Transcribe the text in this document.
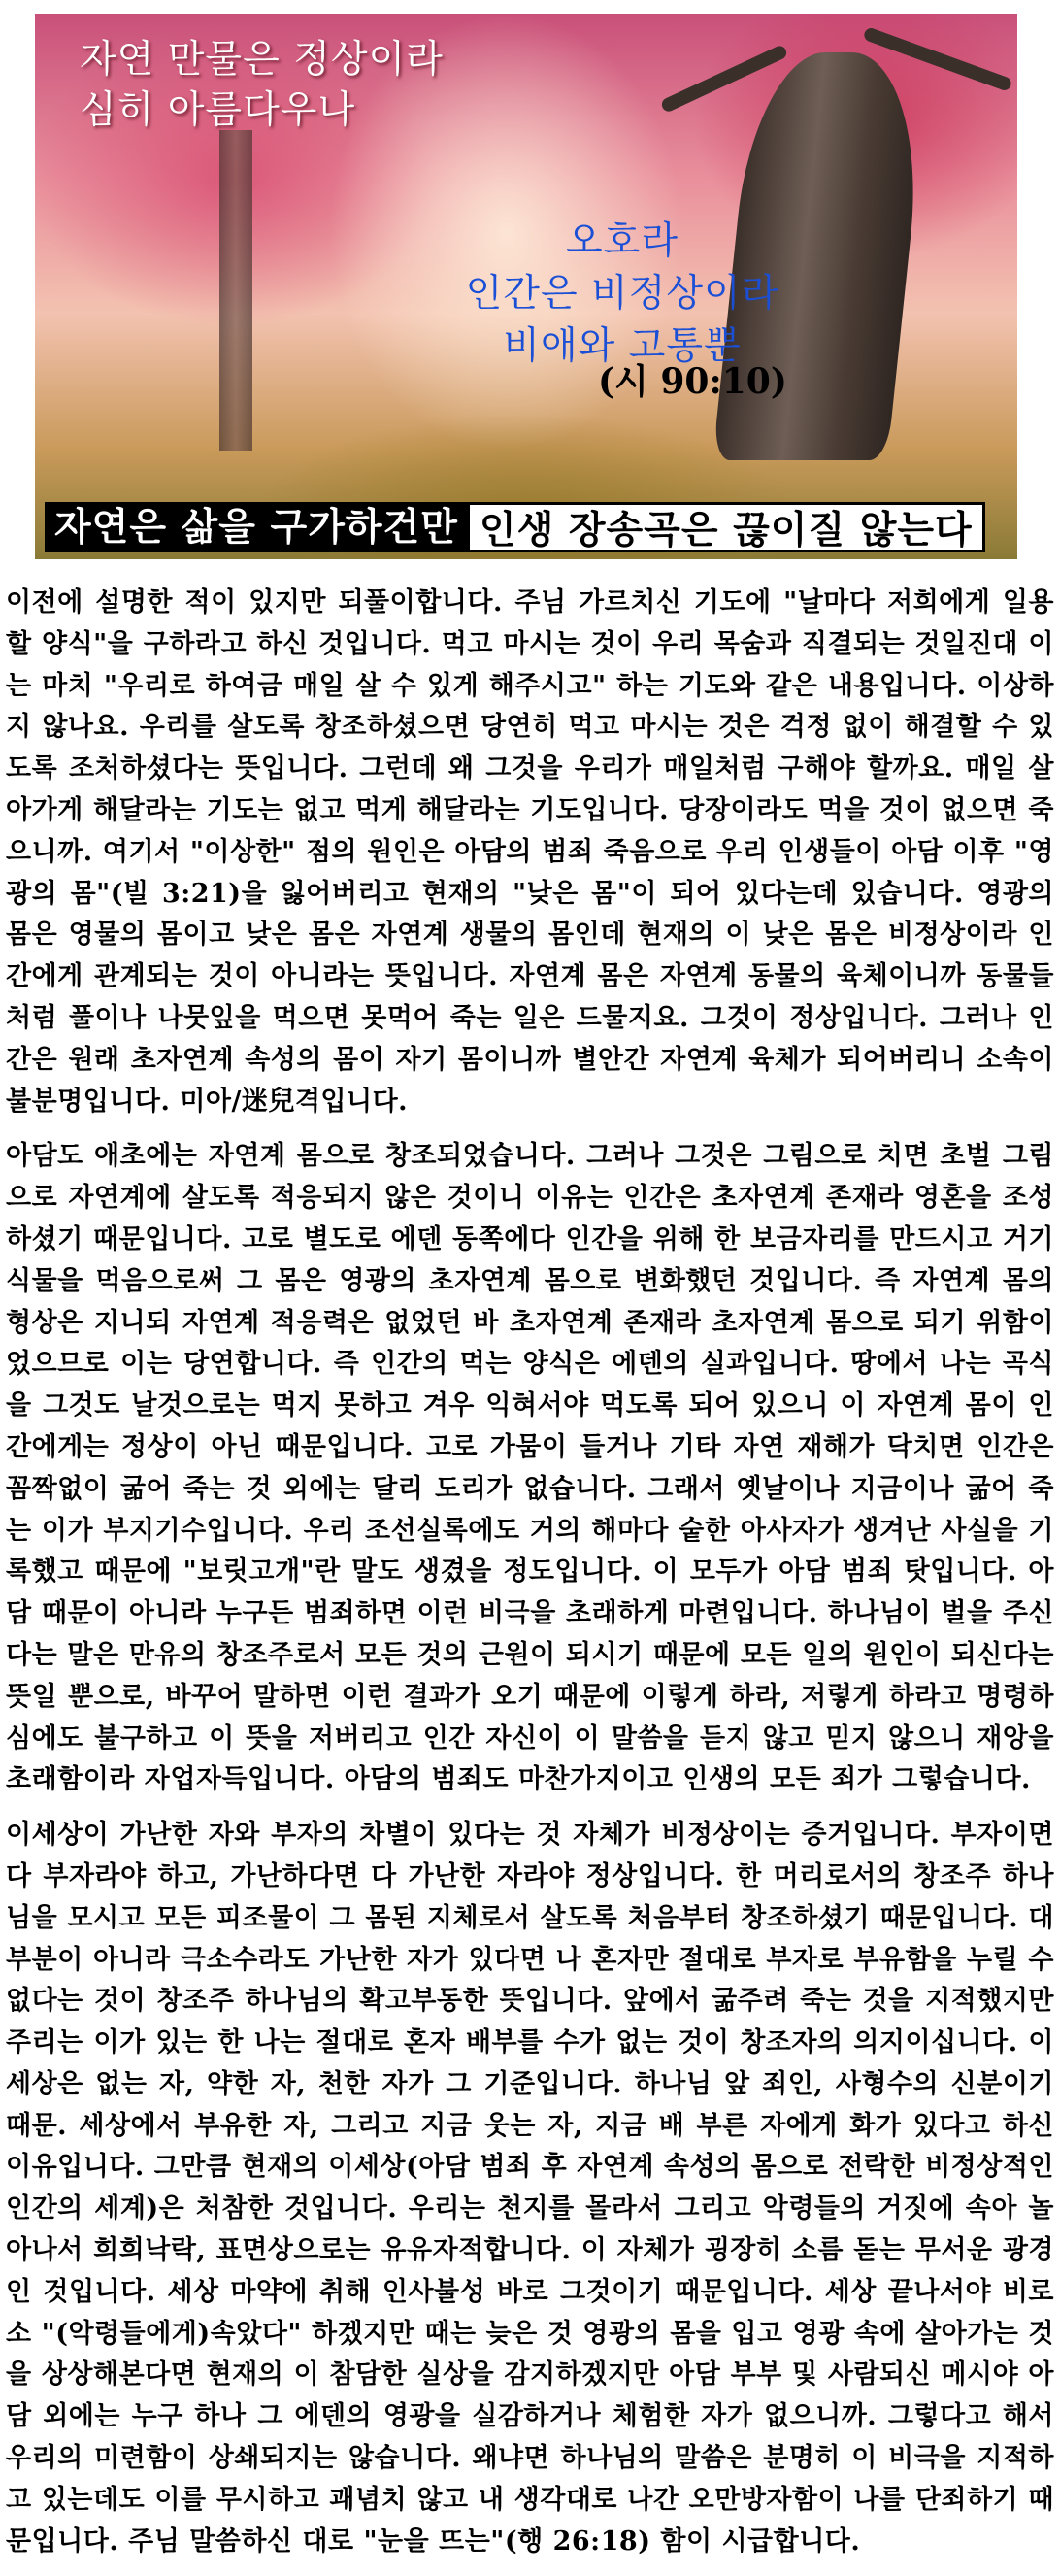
자연 만물은 정상이라
심히 아름다우나
오호라
인간은 비정상이라
비애와 고통뿐
(시 90:10)
자연은 삶을 구가하건만 인생 장송곡은 끊이질 않는다

이전에 설명한 적이 있지만 되풀이합니다. 주님 가르치신 기도에 "날마다 저희에게 일용할 양식"을 구하라고 하신 것입니다. 먹고 마시는 것이 우리 목숨과 직결되는 것일진대 이는 마치 "우리로 하여금 매일 살 수 있게 해주시고" 하는 기도와 같은 내용입니다. 이상하지 않나요. 우리를 살도록 창조하셨으면 당연히 먹고 마시는 것은 걱정 없이 해결할 수 있도록 조처하셨다는 뜻입니다. 그런데 왜 그것을 우리가 매일처럼 구해야 할까요. 매일 살아가게 해달라는 기도는 없고 먹게 해달라는 기도입니다. 당장이라도 먹을 것이 없으면 죽으니까. 여기서 "이상한" 점의 원인은 아담의 범죄 죽음으로 우리 인생들이 아담 이후 "영광의 몸"(빌 3:21)을 잃어버리고 현재의 "낮은 몸"이 되어 있다는데 있습니다. 영광의 몸은 영물의 몸이고 낮은 몸은 자연계 생물의 몸인데 현재의 이 낮은 몸은 비정상이라 인간에게 관계되는 것이 아니라는 뜻입니다. 자연계 몸은 자연계 동물의 육체이니까 동물들처럼 풀이나 나뭇잎을 먹으면 못먹어 죽는 일은 드물지요. 그것이 정상입니다. 그러나 인간은 원래 초자연계 속성의 몸이 자기 몸이니까 별안간 자연계 육체가 되어버리니 소속이 불분명입니다. 미아/迷兒격입니다.

아담도 애초에는 자연계 몸으로 창조되었습니다. 그러나 그것은 그림으로 치면 초벌 그림으로 자연계에 살도록 적응되지 않은 것이니 이유는 인간은 초자연계 존재라 영혼을 조성하셨기 때문입니다. 고로 별도로 에덴 동쪽에다 인간을 위해 한 보금자리를 만드시고 거기 식물을 먹음으로써 그 몸은 영광의 초자연계 몸으로 변화했던 것입니다. 즉 자연계 몸의 형상은 지니되 자연계 적응력은 없었던 바 초자연계 존재라 초자연계 몸으로 되기 위함이었으므로 이는 당연합니다. 즉 인간의 먹는 양식은 에덴의 실과입니다. 땅에서 나는 곡식을 그것도 날것으로는 먹지 못하고 겨우 익혀서야 먹도록 되어 있으니 이 자연계 몸이 인간에게는 정상이 아닌 때문입니다. 고로 가뭄이 들거나 기타 자연 재해가 닥치면 인간은 꼼짝없이 굶어 죽는 것 외에는 달리 도리가 없습니다. 그래서 옛날이나 지금이나 굶어 죽는 이가 부지기수입니다. 우리 조선실록에도 거의 해마다 숱한 아사자가 생겨난 사실을 기록했고 때문에 "보릿고개"란 말도 생겼을 정도입니다. 이 모두가 아담 범죄 탓입니다. 아담 때문이 아니라 누구든 범죄하면 이런 비극을 초래하게 마련입니다. 하나님이 벌을 주신다는 말은 만유의 창조주로서 모든 것의 근원이 되시기 때문에 모든 일의 원인이 되신다는 뜻일 뿐으로, 바꾸어 말하면 이런 결과가 오기 때문에 이렇게 하라, 저렇게 하라고 명령하심에도 불구하고 이 뜻을 저버리고 인간 자신이 이 말씀을 듣지 않고 믿지 않으니 재앙을 초래함이라 자업자득입니다. 아담의 범죄도 마찬가지이고 인생의 모든 죄가 그렇습니다.

이세상이 가난한 자와 부자의 차별이 있다는 것 자체가 비정상이는 증거입니다. 부자이면 다 부자라야 하고, 가난하다면 다 가난한 자라야 정상입니다. 한 머리로서의 창조주 하나님을 모시고 모든 피조물이 그 몸된 지체로서 살도록 처음부터 창조하셨기 때문입니다. 대부분이 아니라 극소수라도 가난한 자가 있다면 나 혼자만 절대로 부자로 부유함을 누릴 수 없다는 것이 창조주 하나님의 확고부동한 뜻입니다. 앞에서 굶주려 죽는 것을 지적했지만 주리는 이가 있는 한 나는 절대로 혼자 배부를 수가 없는 것이 창조자의 의지이십니다. 이세상은 없는 자, 약한 자, 천한 자가 그 기준입니다. 하나님 앞 죄인, 사형수의 신분이기 때문. 세상에서 부유한 자, 그리고 지금 웃는 자, 지금 배 부른 자에게 화가 있다고 하신 이유입니다. 그만큼 현재의 이세상(아담 범죄 후 자연계 속성의 몸으로 전락한 비정상적인 인간의 세계)은 처참한 것입니다. 우리는 천지를 몰라서 그리고 악령들의 거짓에 속아 놀아나서 희희낙락, 표면상으로는 유유자적합니다. 이 자체가 굉장히 소름 돋는 무서운 광경인 것입니다. 세상 마약에 취해 인사불성 바로 그것이기 때문입니다. 세상 끝나서야 비로소 "(악령들에게)속았다" 하겠지만 때는 늦은 것 영광의 몸을 입고 영광 속에 살아가는 것을 상상해본다면 현재의 이 참담한 실상을 감지하겠지만 아담 부부 및 사람되신 메시야 아담 외에는 누구 하나 그 에덴의 영광을 실감하거나 체험한 자가 없으니까. 그렇다고 해서 우리의 미련함이 상쇄되지는 않습니다. 왜냐면 하나님의 말씀은 분명히 이 비극을 지적하고 있는데도 이를 무시하고 괘념치 않고 내 생각대로 나간 오만방자함이 나를 단죄하기 때문입니다. 주님 말씀하신 대로 "눈을 뜨는"(행 26:18) 함이 시급합니다.
